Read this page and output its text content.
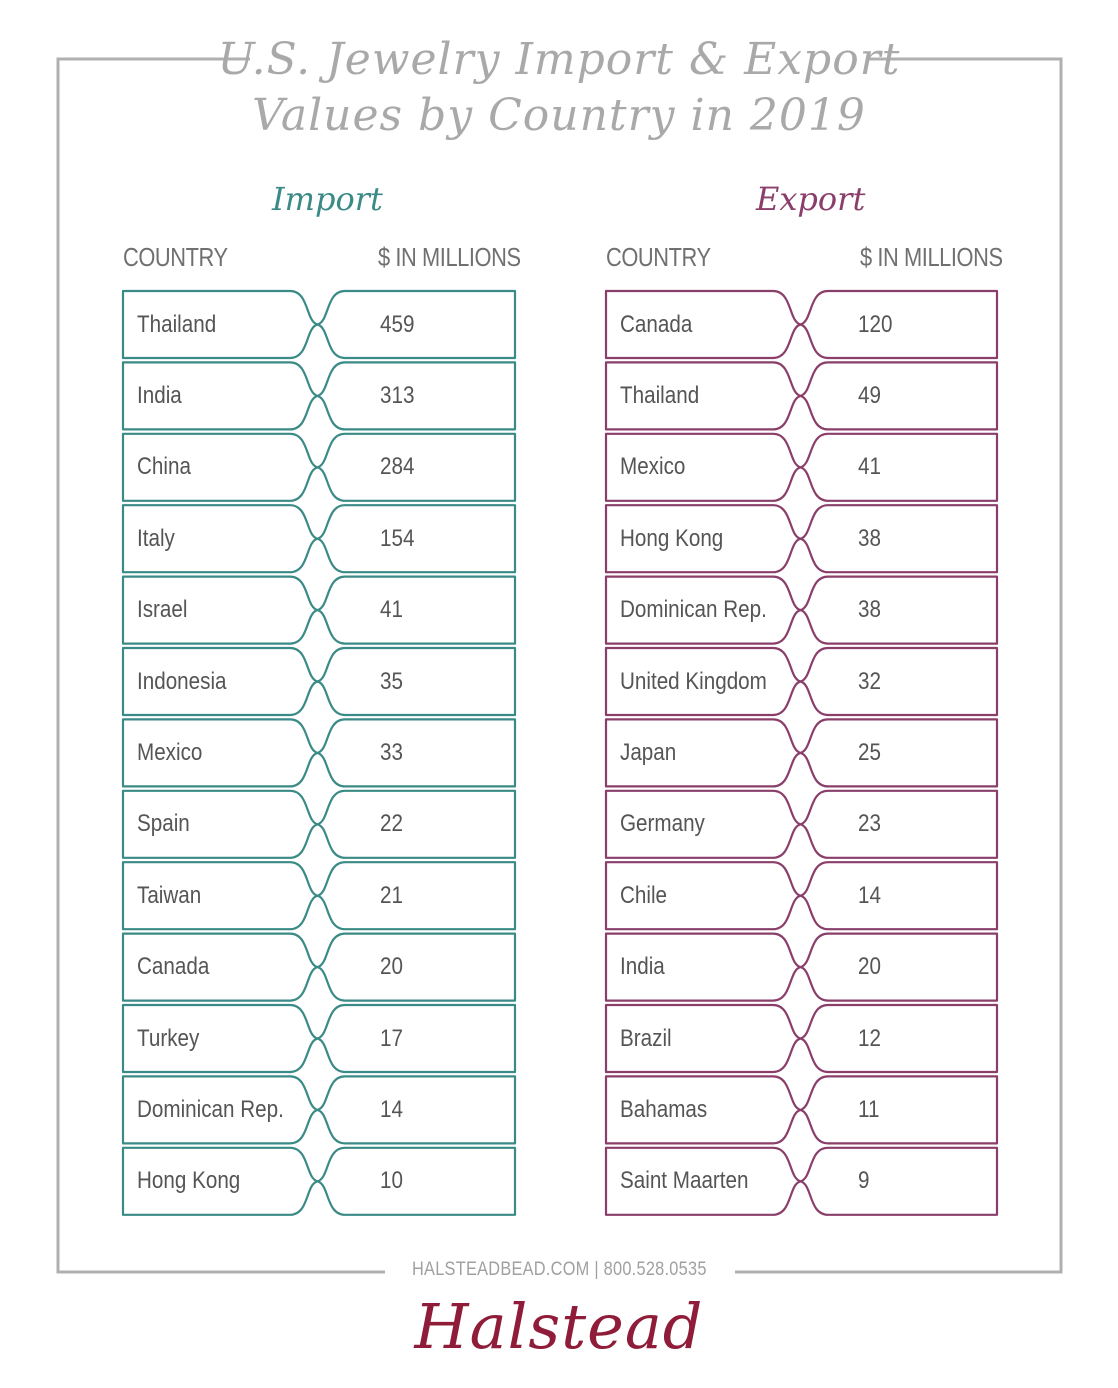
U.S. Jewelry Import & Export
Values by Country in 2019
Import	Export
COUNTRY	$ IN MILLIONS	COUNTRY	$ IN MILLIONS
Thailand	459
India	313
China	284
Italy	154
Israel	41
Indonesia	35
Mexico	33
Spain	22
Taiwan	21
Canada	20
Turkey	17
Dominican Rep.	14
Hong Kong	10
Canada	120
Thailand	49
Mexico	41
Hong Kong	38
Dominican Rep.	38
United Kingdom	32
Japan	25
Germany	23
Chile	14
India	20
Brazil	12
Bahamas	11
Saint Maarten	9
HALSTEADBEAD.COM | 800.528.0535
Halstead
